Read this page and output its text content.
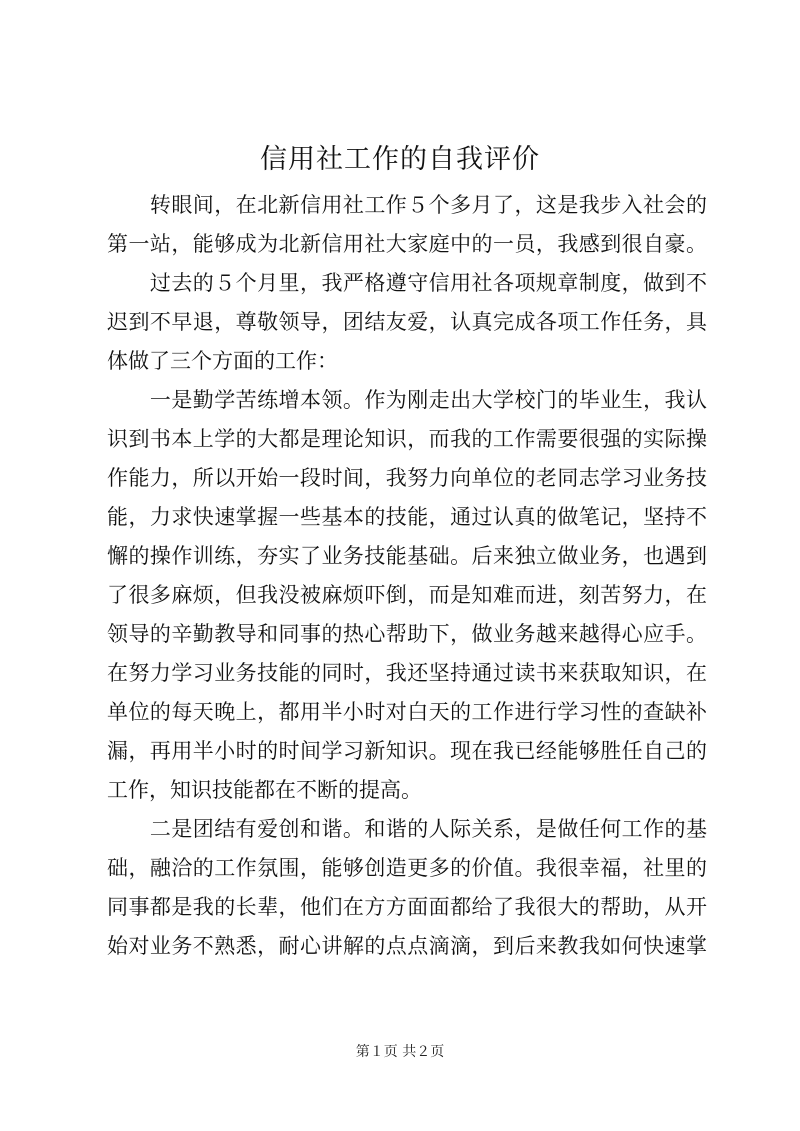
信用社工作的自我评价
　　转眼间，在北新信用社工作５个多月了，这是我步入社会的
第一站，能够成为北新信用社大家庭中的一员，我感到很自豪。
　　过去的５个月里，我严格遵守信用社各项规章制度，做到不
迟到不早退，尊敬领导，团结友爱，认真完成各项工作任务，具
体做了三个方面的工作：
　　一是勤学苦练增本领。作为刚走出大学校门的毕业生，我认
识到书本上学的大都是理论知识，而我的工作需要很强的实际操
作能力，所以开始一段时间，我努力向单位的老同志学习业务技
能，力求快速掌握一些基本的技能，通过认真的做笔记，坚持不
懈的操作训练，夯实了业务技能基础。后来独立做业务，也遇到
了很多麻烦，但我没被麻烦吓倒，而是知难而进，刻苦努力，在
领导的辛勤教导和同事的热心帮助下，做业务越来越得心应手。
在努力学习业务技能的同时，我还坚持通过读书来获取知识，在
单位的每天晚上，都用半小时对白天的工作进行学习性的查缺补
漏，再用半小时的时间学习新知识。现在我已经能够胜任自己的
工作，知识技能都在不断的提高。
　　二是团结有爱创和谐。和谐的人际关系，是做任何工作的基
础，融洽的工作氛围，能够创造更多的价值。我很幸福，社里的
同事都是我的长辈，他们在方方面面都给了我很大的帮助，从开
始对业务不熟悉，耐心讲解的点点滴滴，到后来教我如何快速掌
第１页 共２页
